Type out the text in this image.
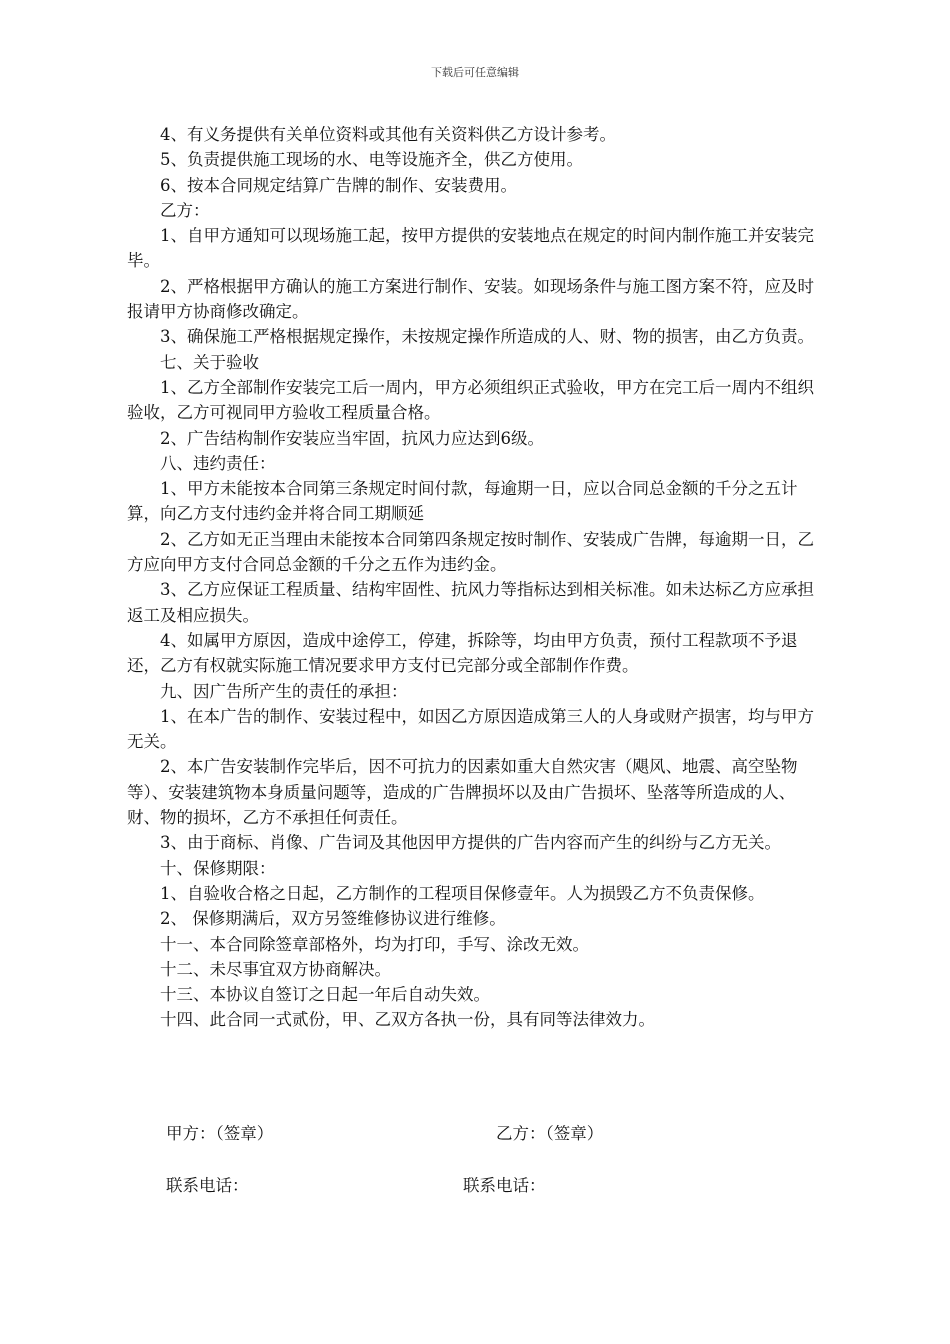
下载后可任意编辑

4、有义务提供有关单位资料或其他有关资料供乙方设计参考。

5、负责提供施工现场的水、电等设施齐全，供乙方使用。

6、按本合同规定结算广告牌的制作、安装费用。

乙方：

1、自甲方通知可以现场施工起，按甲方提供的安装地点在规定的时间内制作施工并安装完毕。

2、严格根据甲方确认的施工方案进行制作、安装。如现场条件与施工图方案不符，应及时报请甲方协商修改确定。

3、确保施工严格根据规定操作，未按规定操作所造成的人、财、物的损害，由乙方负责。

七、关于验收

1、乙方全部制作安装完工后一周内，甲方必须组织正式验收，甲方在完工后一周内不组织验收，乙方可视同甲方验收工程质量合格。

2、广告结构制作安装应当牢固，抗风力应达到6级。

八、违约责任：

1、甲方未能按本合同第三条规定时间付款，每逾期一日，应以合同总金额的千分之五计算，向乙方支付违约金并将合同工期顺延

2、乙方如无正当理由未能按本合同第四条规定按时制作、安装成广告牌，每逾期一日，乙方应向甲方支付合同总金额的千分之五作为违约金。

3、乙方应保证工程质量、结构牢固性、抗风力等指标达到相关标准。如未达标乙方应承担返工及相应损失。

4、如属甲方原因，造成中途停工，停建，拆除等，均由甲方负责，预付工程款项不予退还，乙方有权就实际施工情况要求甲方支付已完部分或全部制作作费。

九、因广告所产生的责任的承担：

1、在本广告的制作、安装过程中，如因乙方原因造成第三人的人身或财产损害，均与甲方无关。

2、本广告安装制作完毕后，因不可抗力的因素如重大自然灾害（飓风、地震、高空坠物等）、安装建筑物本身质量问题等，造成的广告牌损坏以及由广告损坏、坠落等所造成的人、财、物的损坏，乙方不承担任何责任。

3、由于商标、肖像、广告词及其他因甲方提供的广告内容而产生的纠纷与乙方无关。

十、保修期限：

1、自验收合格之日起，乙方制作的工程项目保修壹年。人为损毁乙方不负责保修。

2、 保修期满后，双方另签维修协议进行维修。

十一、本合同除签章部格外，均为打印，手写、涂改无效。

十二、未尽事宜双方协商解决。

十三、本协议自签订之日起一年后自动失效。

十四、此合同一式贰份，甲、乙双方各执一份，具有同等法律效力。

甲方：（签章）	乙方：（签章）
联系电话：	联系电话：
